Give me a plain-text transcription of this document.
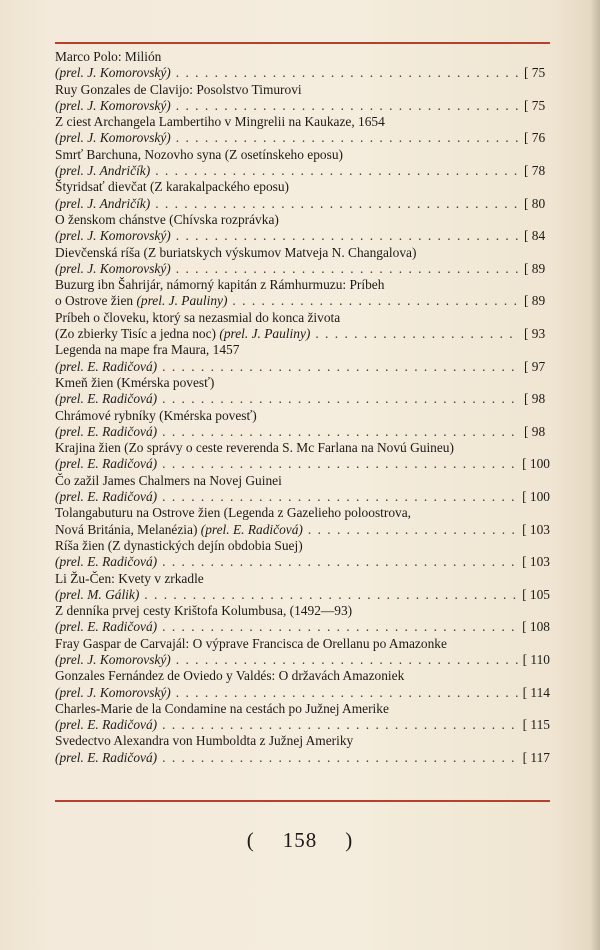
Marco Polo: Milión
(prel. J. Komorovský) . . .	[ 75
Ruy Gonzales de Clavijo: Posolstvo Timurovi
(prel. J. Komorovský) . . .	[ 75
Z ciest Archangela Lambertiho v Mingrelii na Kaukaze, 1654
(prel. J. Komorovský) . . .	[ 76
Smrť Barchuna, Nozovho syna (Z osetínskeho eposu)
(prel. J. Andričík) . . .	[ 78
Štyridsať dievčat (Z karakalpackého eposu)
(prel. J. Andričík) . . .	[ 80
O ženskom chánstve (Chívska rozprávka)
(prel. J. Komorovský) . . .	[ 84
Dievčenská ríša (Z buriatskych výskumov Matveja N. Changalova)
(prel. J. Komorovský) . . .	[ 89
Buzurg ibn Šahrijár, námorný kapitán z Rámhurmuzu: Príbeh
o Ostrove žien (prel. J. Pauliny) . . .	[ 89
Príbeh o človeku, ktorý sa nezasmial do konca života
(Zo zbierky Tisíc a jedna noc) (prel. J. Pauliny) . . .	[ 93
Legenda na mape fra Maura, 1457
(prel. E. Radičová) . . .	[ 97
Kmeň žien (Kmérska povesť)
(prel. E. Radičová) . . .	[ 98
Chrámové rybníky (Kmérska povesť)
(prel. E. Radičová) . . .	[ 98
Krajina žien (Zo správy o ceste reverenda S. Mc Farlana na Novú Guineu)
(prel. E. Radičová) . . .	[ 100
Čo zažil James Chalmers na Novej Guinei
(prel. E. Radičová) . . .	[ 100
Tolangabuturu na Ostrove žien (Legenda z Gazelieho poloostrova,
Nová Británia, Melanézia) (prel. E. Radičová) . . .	[ 103
Ríša žien (Z dynastických dejín obdobia Suej)
(prel. E. Radičová) . . .	[ 103
Li Žu-Čen: Kvety v zrkadle
(prel. M. Gálik) . . .	[ 105
Z denníka prvej cesty Krištofa Kolumbusa, (1492—93)
(prel. E. Radičová) . . .	[ 108
Fray Gaspar de Carvajál: O výprave Francisca de Orellanu po Amazonke
(prel. J. Komorovský) . . .	[ 110
Gonzales Fernández de Oviedo y Valdés: O državách Amazoniek
(prel. J. Komorovský) . . .	[ 114
Charles-Marie de la Condamine na cestách po Južnej Amerike
(prel. E. Radičová) . . .	[ 115
Svedectvo Alexandra von Humboldta z Južnej Ameriky
(prel. E. Radičová) . . .	[ 117
( 158 )
